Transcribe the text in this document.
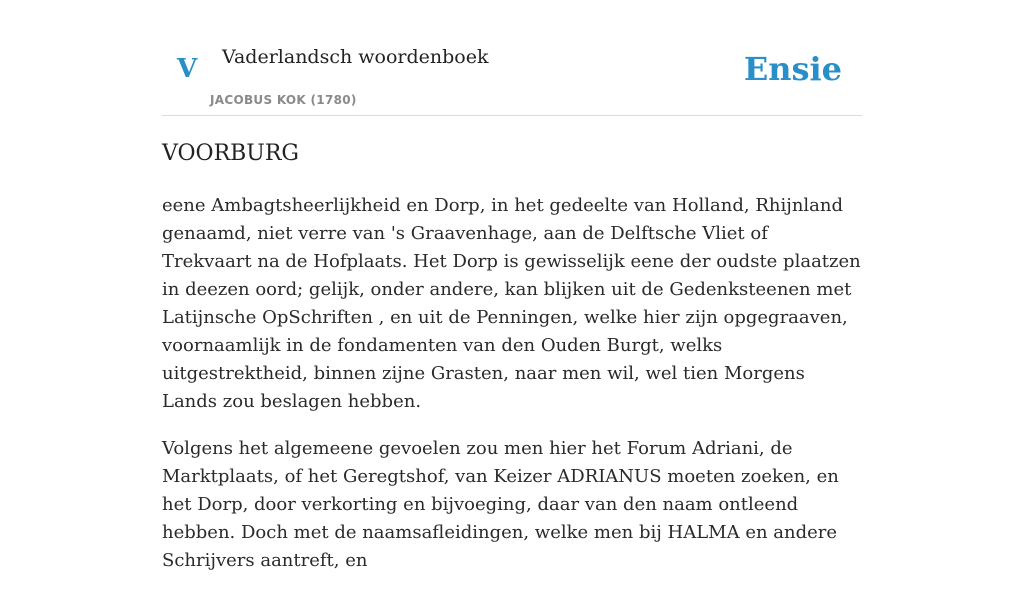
V Vaderlandsch woordenboek
JACOBUS KOK (1780)
Ensie
VOORBURG

eene Ambagtsheerlijkheid en Dorp, in het gedeelte van Holland, Rhijnland genaamd, niet verre van 's Graavenhage, aan de Delftsche Vliet of Trekvaart na de Hofplaats. Het Dorp is gewisselijk eene der oudste plaatzen in deezen oord; gelijk, onder andere, kan blijken uit de Gedenksteenen met Latijnsche OpSchriften , en uit de Penningen, welke hier zijn opgegraaven, voornaamlijk in de fondamenten van den Ouden Burgt, welks uitgestrektheid, binnen zijne Grasten, naar men wil, wel tien Morgens Lands zou beslagen hebben.

Volgens het algemeene gevoelen zou men hier het Forum Adriani, de Marktplaats, of het Geregtshof, van Keizer ADRIANUS moeten zoeken, en het Dorp, door verkorting en bijvoeging, daar van den naam ontleend hebben. Doch met de naamsafleidingen, welke men bij HALMA en andere Schrijvers aantreft, en
